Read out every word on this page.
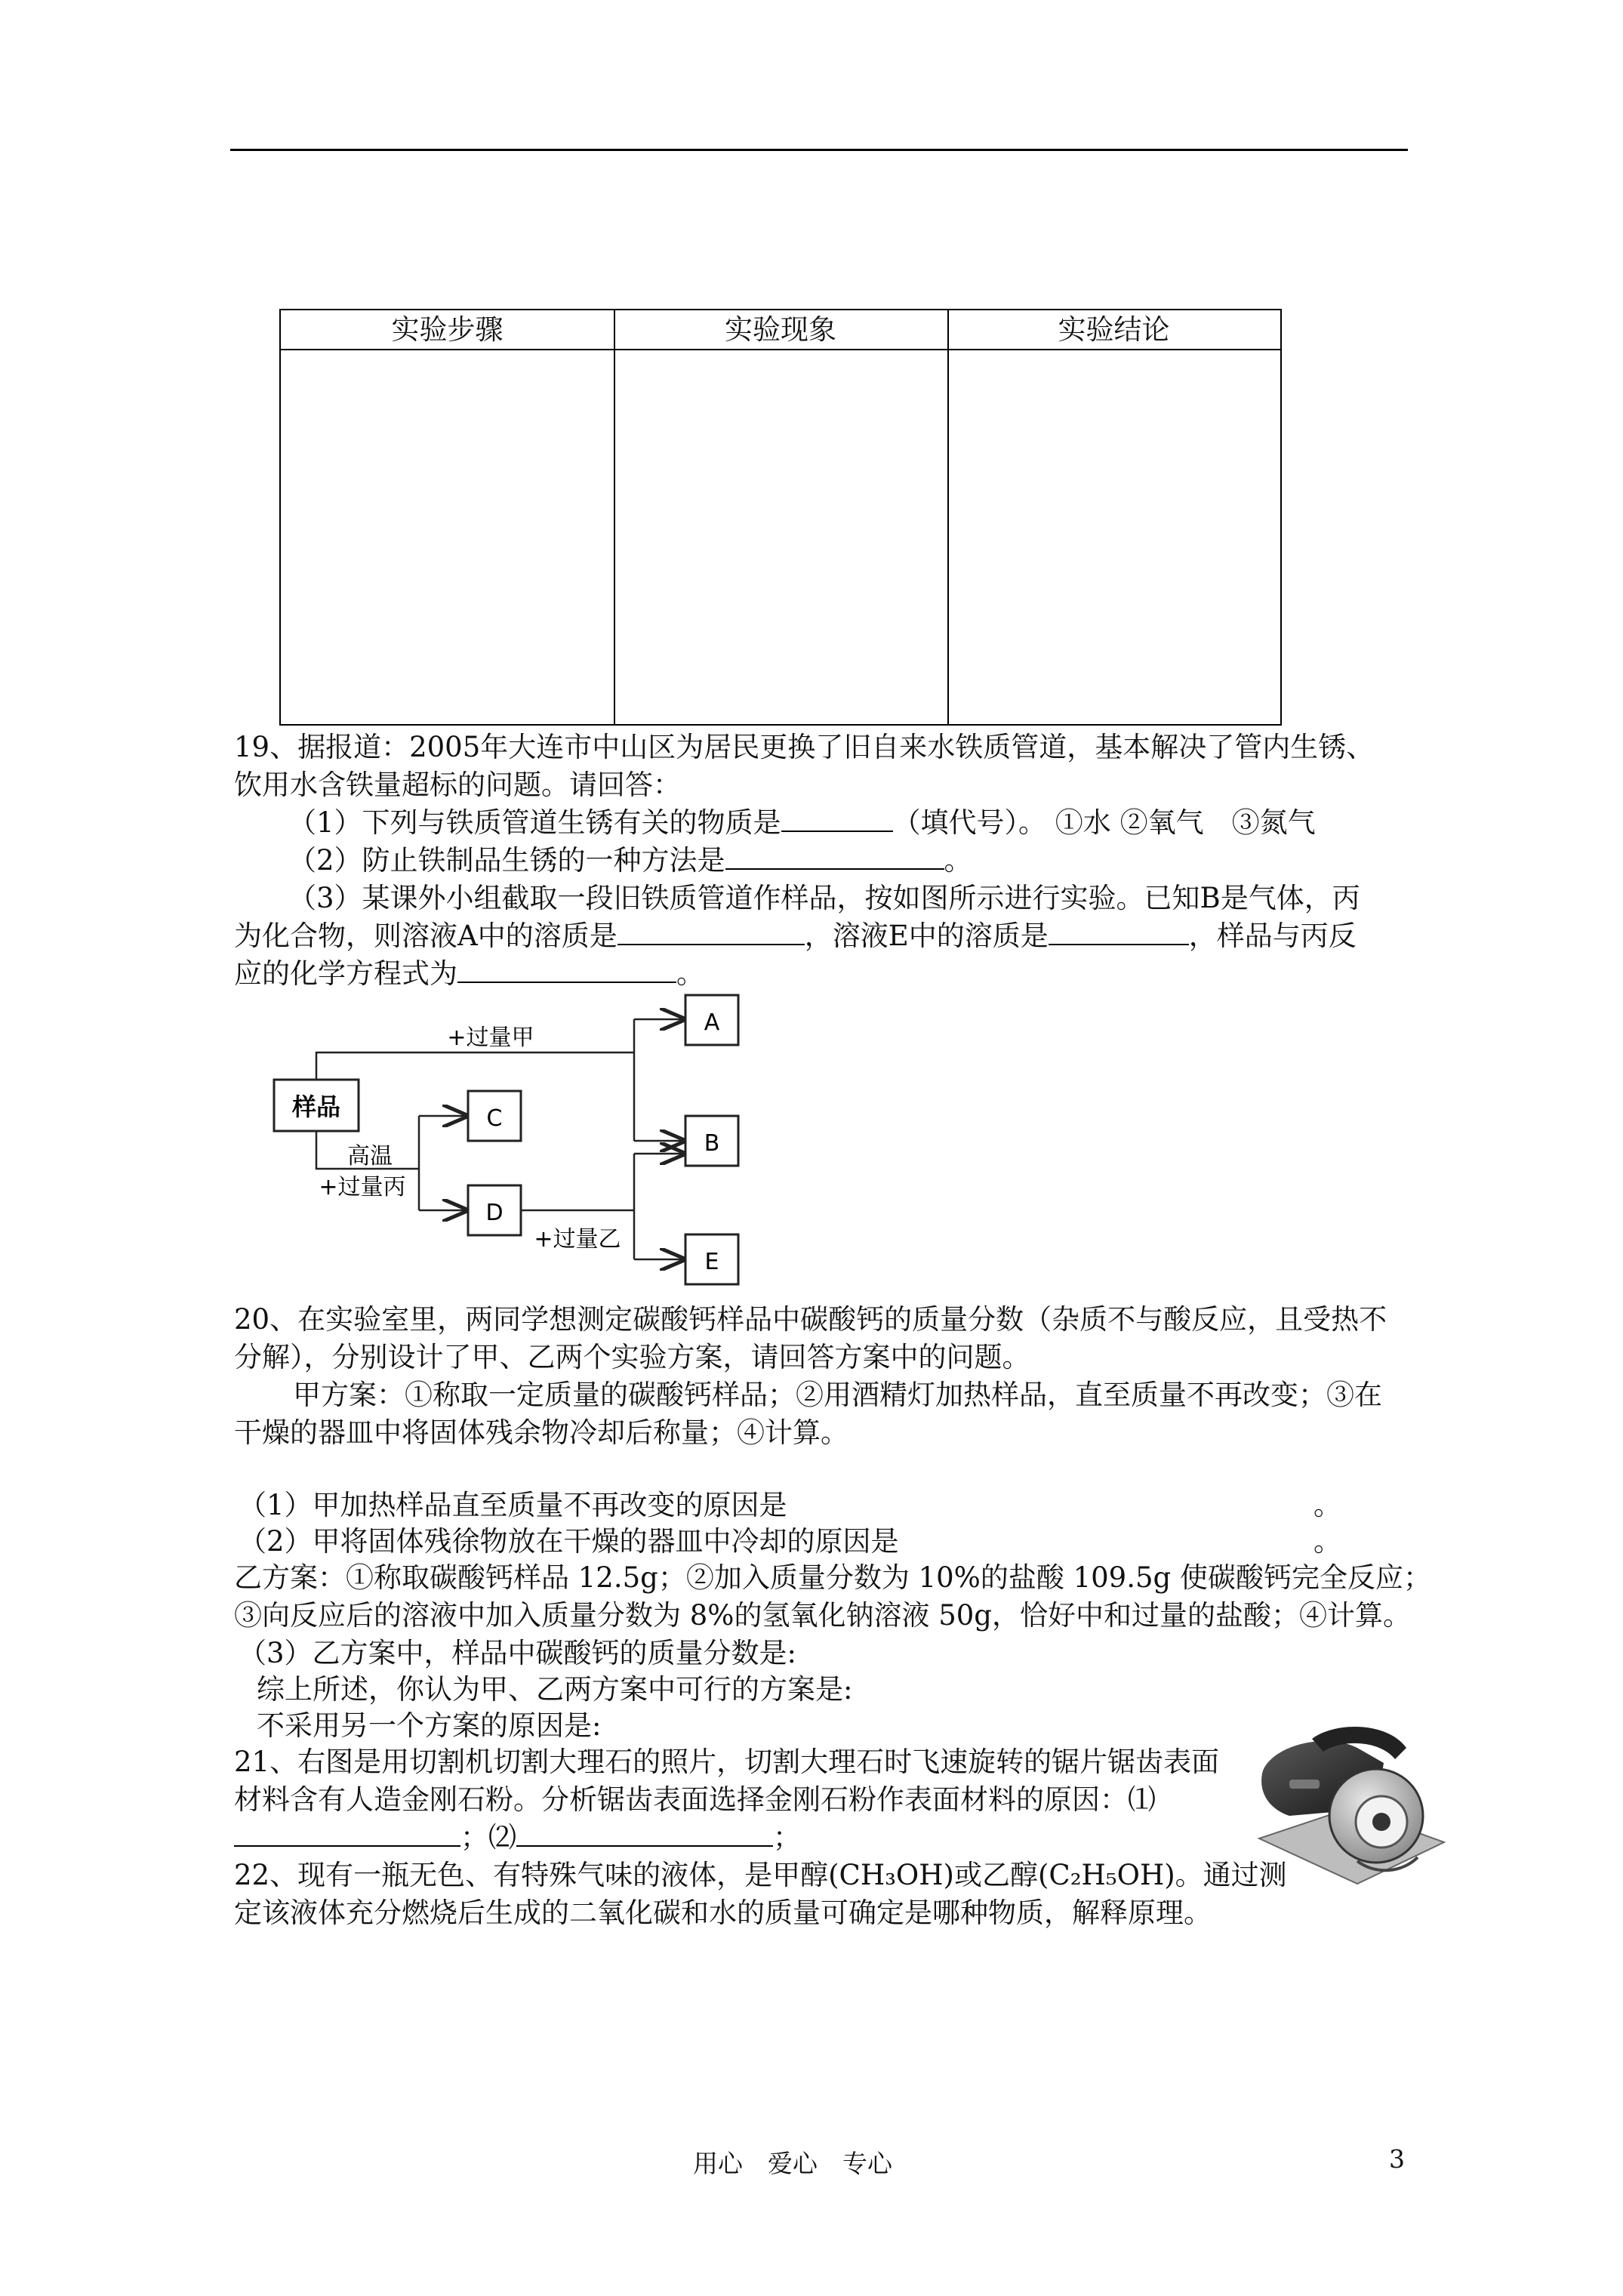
实验步骤	实验现象	实验结论
19、据报道：2005年大连市中山区为居民更换了旧自来水铁质管道，基本解决了管内生锈、
饮用水含铁量超标的问题。请回答：
（1）下列与铁质管道生锈有关的物质是	（填代号）。 ①水 ②氧气　③氮气
（2）防止铁制品生锈的一种方法是	。
（3）某课外小组截取一段旧铁质管道作样品，按如图所示进行实验。已知B是气体，丙
为化合物，则溶液A中的溶质是	，溶液E中的溶质是	，样品与丙反
应的化学方程式为	。
样品
A
B
C
D
E
+过量甲
高温
+过量丙
+过量乙
20、在实验室里，两同学想测定碳酸钙样品中碳酸钙的质量分数（杂质不与酸反应，且受热不
分解），分别设计了甲、乙两个实验方案，请回答方案中的问题。
甲方案：①称取一定质量的碳酸钙样品；②用酒精灯加热样品，直至质量不再改变；③在
干燥的器皿中将固体残余物冷却后称量；④计算。
（1）甲加热样品直至质量不再改变的原因是	。
（2）甲将固体残徐物放在干燥的器皿中冷却的原因是	。
乙方案：①称取碳酸钙样品 12.5g；②加入质量分数为 10%的盐酸 109.5g 使碳酸钙完全反应；
③向反应后的溶液中加入质量分数为 8%的氢氧化钠溶液 50g，恰好中和过量的盐酸；④计算。
（3）乙方案中，样品中碳酸钙的质量分数是:
综上所述，你认为甲、乙两方案中可行的方案是:
不采用另一个方案的原因是:
21、右图是用切割机切割大理石的照片，切割大理石时飞速旋转的锯片锯齿表面
材料含有人造金刚石粉。分析锯齿表面选择金刚石粉作表面材料的原因：⑴
；⑵	；
22、现有一瓶无色、有特殊气味的液体，是甲醇(CH₃OH)或乙醇(C₂H₅OH)。通过测
定该液体充分燃烧后生成的二氧化碳和水的质量可确定是哪种物质，解释原理。
用心　爱心　专心	3
